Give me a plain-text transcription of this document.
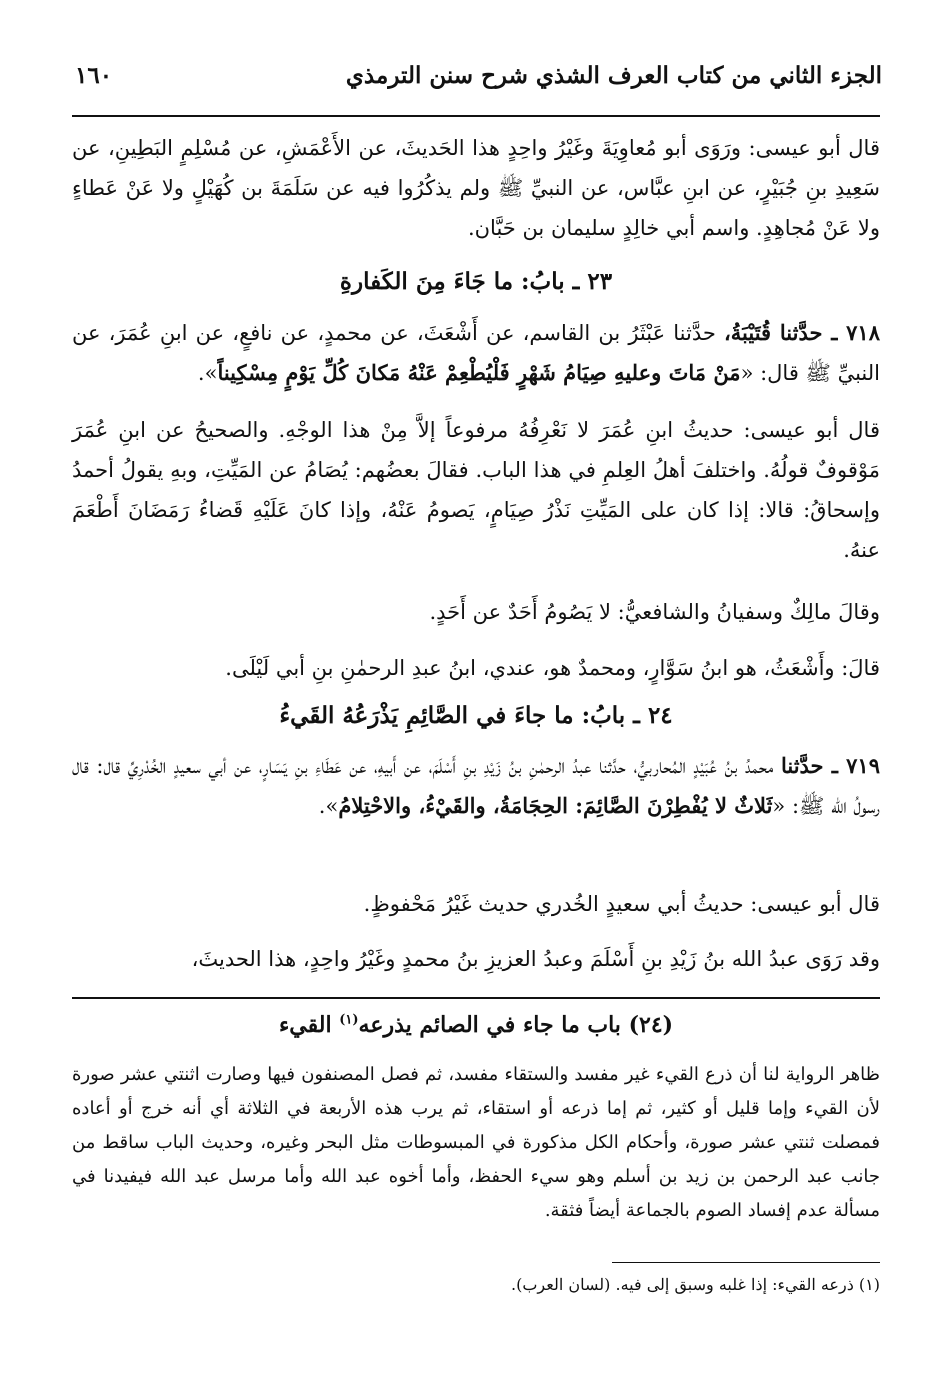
الجزء الثاني من كتاب العرف الشذي شرح سنن الترمذي
١٦٠

قال أبو عيسى: ورَوَى أبو مُعاوِيَةَ وغَيْرُ واحِدٍ هذا الحَديثَ، عن الأَعْمَشِ، عن مُسْلِمٍ البَطِينِ، عن سَعِيدِ بنِ جُبَيْرٍ، عن ابنِ عبَّاس، عن النبيِّ ﷺ ولم يذكُرُوا فيه عن سَلَمَةَ بن كُهَيْلٍ ولا عَنْ عَطاءٍ ولا عَنْ مُجاهِدٍ. واسم أبي خالِدٍ سليمان بن حَبَّان.

٢٣ ـ بابُ: ما جَاءَ مِنَ الكَفارةِ

٧١٨ ـ حدَّثنا قُتَيْبَةُ، حدَّثنا عَبْثَرُ بن القاسم، عن أَشْعَثَ، عن محمدٍ، عن نافعٍ، عن ابنِ عُمَرَ، عن النبيِّ ﷺ قال: «مَنْ مَاتَ وعليهِ صِيَامُ شَهْرٍ فَلْيُطْعِمْ عَنْهُ مَكانَ كُلِّ يَوْمٍ مِسْكِيناً».

قال أبو عيسى: حديثُ ابنِ عُمَرَ لا نَعْرِفُهُ مرفوعاً إلاَّ مِنْ هذا الوجْهِ. والصحيحُ عن ابنِ عُمَرَ مَوْقوفٌ قولُهُ. واختلفَ أهلُ العِلمِ في هذا الباب. فقالَ بعضُهم: يُصَامُ عن المَيِّتِ، وبهِ يقولُ أحمدُ وإسحاقُ: قالا: إذا كان على المَيِّتِ نَذْرُ صِيَامٍ، يَصومُ عَنْهُ، وإذا كانَ عَلَيْهِ قَضاءُ رَمَضَانَ أَطْعَمَ عنهُ.

وقالَ مالِكٌ وسفيانُ والشافعيُّ: لا يَصُومُ أَحَدٌ عن أَحَدٍ.

قالَ: وأَشْعَثُ، هو ابنُ سَوَّارٍ، ومحمدٌ هو، عندي، ابنُ عبدِ الرحمٰنِ بنِ أبي لَيْلَى.

٢٤ ـ بابُ: ما جاءَ في الصَّائِمِ يَذْرَعُهُ القَيءُ

٧١٩ ـ حدَّثنا محمدُ بنُ عُبَيْدٍ المُحاربيُّ، حدَّثنا عبدُ الرحمٰنِ بنُ زَيْدِ بنِ أَسْلَمَ، عن أَبيهِ، عن عَطَاءِ بنِ يَسَارٍ، عن أبي سعيدٍ الخُدْرِيِّ قال: قال رسولُ الله ﷺ: «ثَلاثٌ لا يُفْطِرْنَ الصَّائِمَ: الحِجَامَةُ، والقَيْءُ، والاحْتِلامُ».

قال أبو عيسى: حديثُ أبي سعيدٍ الخُدري حديث غَيْرُ مَحْفوظٍ.

وقد رَوَى عبدُ الله بنُ زَيْدِ بنِ أَسْلَمَ وعبدُ العزيزِ بنُ محمدٍ وغَيْرُ واحِدٍ، هذا الحديثَ،

(٢٤) باب ما جاء في الصائم يذرعه$^{(١)}$ القيء

ظاهر الرواية لنا أن ذرع القيء غير مفسد والستقاء مفسد، ثم فصل المصنفون فيها وصارت اثنتي عشر صورة لأن القيء وإما قليل أو كثير، ثم إما ذرعه أو استقاء، ثم يرب هذه الأربعة في الثلاثة أي أنه خرج أو أعاده فمصلت ثنتي عشر صورة، وأحكام الكل مذكورة في المبسوطات مثل البحر وغيره، وحديث الباب ساقط من جانب عبد الرحمن بن زيد بن أسلم وهو سيء الحفظ، وأما أخوه عبد الله وأما مرسل عبد الله فيفيدنا في مسألة عدم إفساد الصوم بالجماعة أيضاً فثقة.

(١) ذرعه القيء: إذا غلبه وسبق إلى فيه. (لسان العرب).
